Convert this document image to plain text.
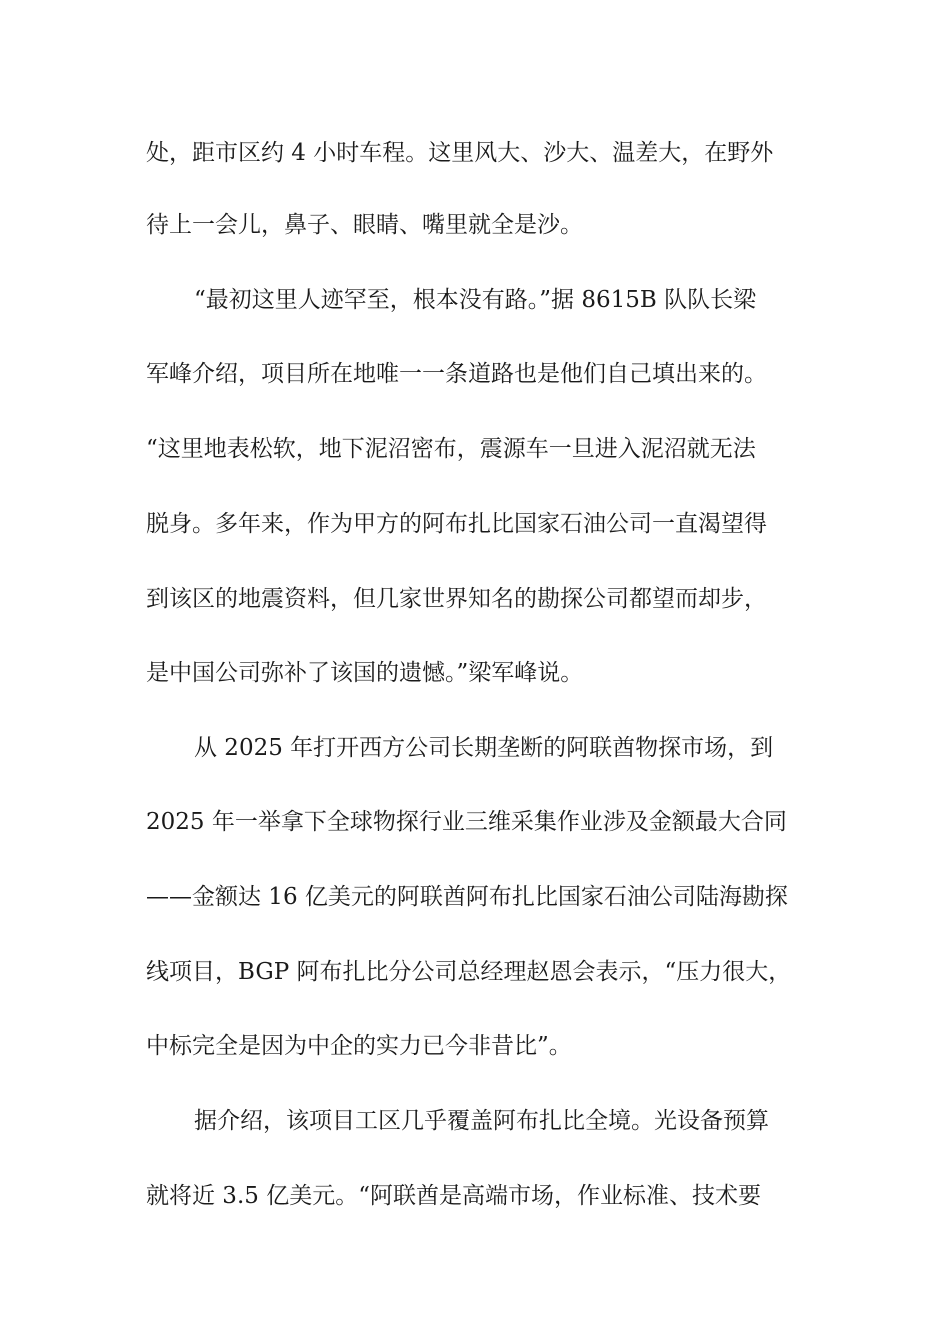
处，距市区约 4 小时车程。这里风大、沙大、温差大，在野外
待上一会儿，鼻子、眼睛、嘴里就全是沙。
“最初这里人迹罕至，根本没有路。”据 8615B 队队长梁
军峰介绍，项目所在地唯一一条道路也是他们自己填出来的。
“这里地表松软，地下泥沼密布，震源车一旦进入泥沼就无法
脱身。多年来，作为甲方的阿布扎比国家石油公司一直渴望得
到该区的地震资料，但几家世界知名的勘探公司都望而却步，
是中国公司弥补了该国的遗憾。”梁军峰说。
从 2025 年打开西方公司长期垄断的阿联酋物探市场，到
2025 年一举拿下全球物探行业三维采集作业涉及金额最大合同
——金额达 16 亿美元的阿联酋阿布扎比国家石油公司陆海勘探
线项目，BGP 阿布扎比分公司总经理赵恩会表示，“压力很大，
中标完全是因为中企的实力已今非昔比”。
据介绍，该项目工区几乎覆盖阿布扎比全境。光设备预算
就将近 3.5 亿美元。“阿联酋是高端市场，作业标准、技术要
